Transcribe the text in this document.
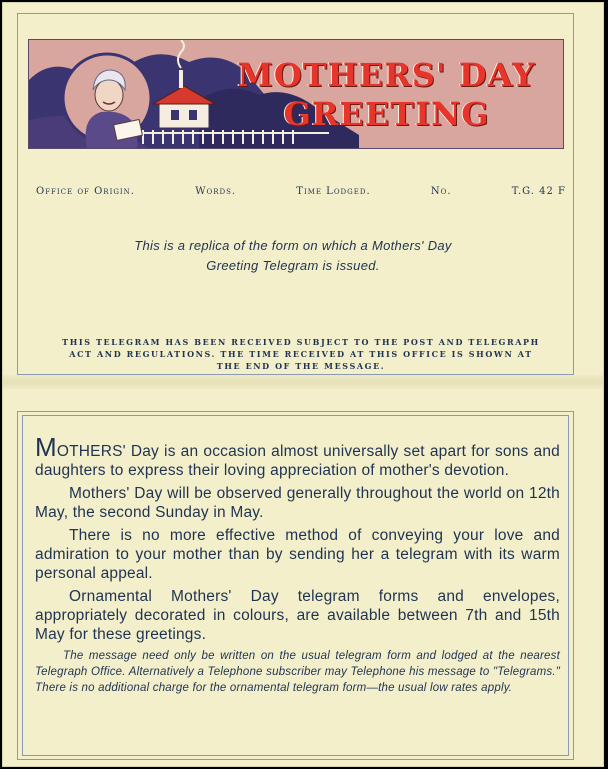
MOTHERS' DAY
GREETING
Office of Origin.	Words.	Time Lodged.	No.	T.G. 42 F
This is a replica of the form on which a Mothers' Day
Greeting Telegram is issued.
THIS TELEGRAM HAS BEEN RECEIVED SUBJECT TO THE POST AND TELEGRAPH
ACT AND REGULATIONS. THE TIME RECEIVED AT THIS OFFICE IS SHOWN AT
THE END OF THE MESSAGE.

MOTHERS' Day is an occasion almost universally set apart for sons and daughters to express their loving appreciation of mother's devotion.

Mothers' Day will be observed generally throughout the world on 12th May, the second Sunday in May.

There is no more effective method of conveying your love and admiration to your mother than by sending her a telegram with its warm personal appeal.

Ornamental Mothers' Day telegram forms and envelopes, appropriately decorated in colours, are available between 7th and 15th May for these greetings.

The message need only be written on the usual telegram form and lodged at the nearest Telegraph Office. Alternatively a Telephone subscriber may Telephone his message to "Telegrams." There is no additional charge for the ornamental telegram form—the usual low rates apply.
